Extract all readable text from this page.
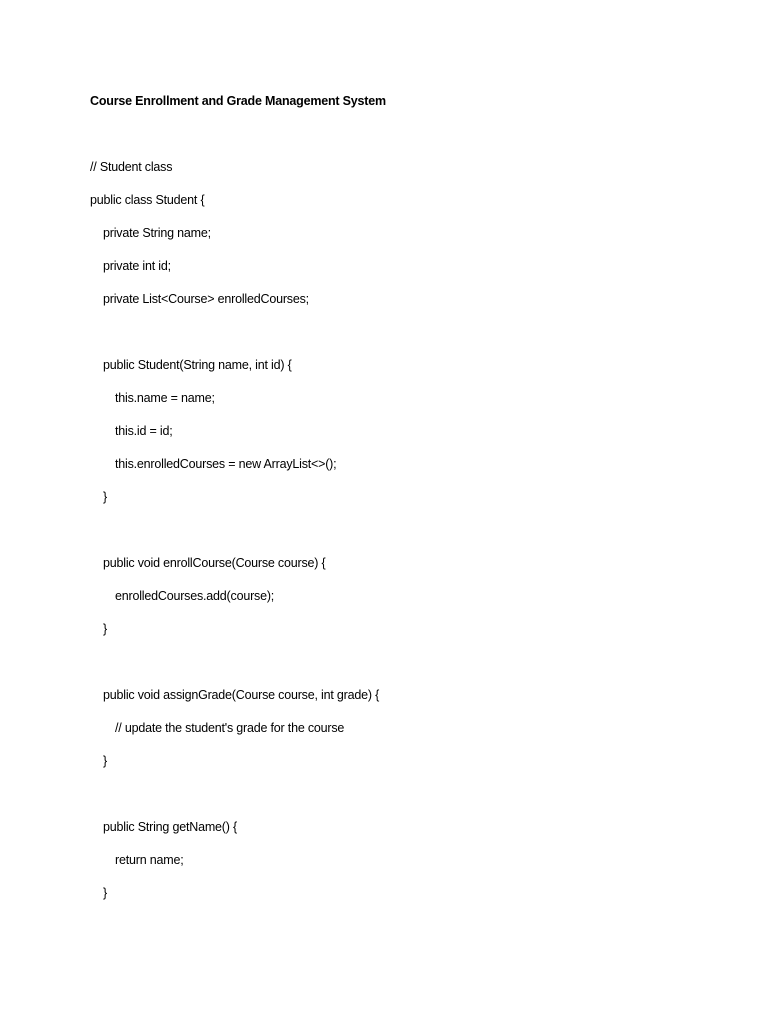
Course Enrollment and Grade Management System
// Student class
public class Student {
private String name;
private int id;
private List<Course> enrolledCourses;
public Student(String name, int id) {
this.name = name;
this.id = id;
this.enrolledCourses = new ArrayList<>();
}
public void enrollCourse(Course course) {
enrolledCourses.add(course);
}
public void assignGrade(Course course, int grade) {
// update the student's grade for the course
}
public String getName() {
return name;
}
